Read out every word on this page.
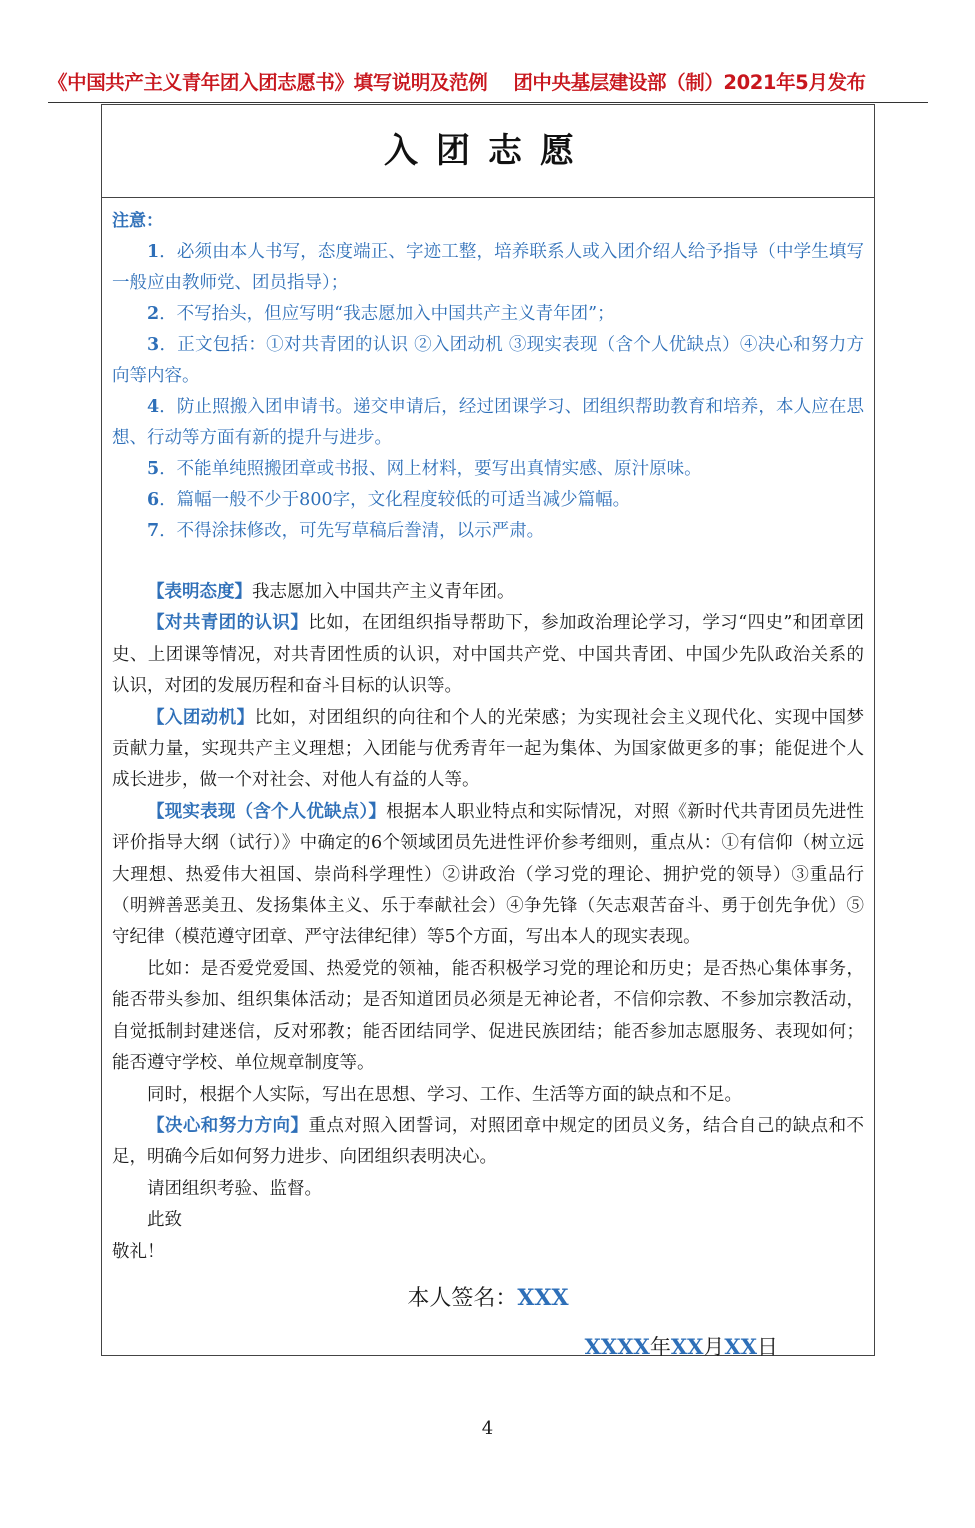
《中国共产主义青年团入团志愿书》填写说明及范例 团中央基层建设部（制）2021年5月发布
入团志愿
注意：

1．必须由本人书写，态度端正、字迹工整，培养联系人或入团介绍人给予指导（中学生填写一般应由教师党、团员指导）；

2．不写抬头，但应写明“我志愿加入中国共产主义青年团”；

3．正文包括：①对共青团的认识 ②入团动机 ③现实表现（含个人优缺点）④决心和努力方向等内容。

4．防止照搬入团申请书。递交申请后，经过团课学习、团组织帮助教育和培养，本人应在思想、行动等方面有新的提升与进步。

5．不能单纯照搬团章或书报、网上材料，要写出真情实感、原汁原味。

6．篇幅一般不少于800字，文化程度较低的可适当减少篇幅。

7．不得涂抹修改，可先写草稿后誊清，以示严肃。

【表明态度】我志愿加入中国共产主义青年团。

【对共青团的认识】比如，在团组织指导帮助下，参加政治理论学习，学习“四史”和团章团史、上团课等情况，对共青团性质的认识，对中国共产党、中国共青团、中国少先队政治关系的认识，对团的发展历程和奋斗目标的认识等。

【入团动机】比如，对团组织的向往和个人的光荣感；为实现社会主义现代化、实现中国梦贡献力量，实现共产主义理想；入团能与优秀青年一起为集体、为国家做更多的事；能促进个人成长进步，做一个对社会、对他人有益的人等。

【现实表现（含个人优缺点）】根据本人职业特点和实际情况，对照《新时代共青团员先进性评价指导大纲（试行）》中确定的6个领域团员先进性评价参考细则，重点从：①有信仰（树立远大理想、热爱伟大祖国、崇尚科学理性）②讲政治（学习党的理论、拥护党的领导）③重品行（明辨善恶美丑、发扬集体主义、乐于奉献社会）④争先锋（矢志艰苦奋斗、勇于创先争优）⑤守纪律（模范遵守团章、严守法律纪律）等5个方面，写出本人的现实表现。

比如：是否爱党爱国、热爱党的领袖，能否积极学习党的理论和历史；是否热心集体事务，能否带头参加、组织集体活动；是否知道团员必须是无神论者，不信仰宗教、不参加宗教活动，自觉抵制封建迷信，反对邪教；能否团结同学、促进民族团结；能否参加志愿服务、表现如何；能否遵守学校、单位规章制度等。

同时，根据个人实际，写出在思想、学习、工作、生活等方面的缺点和不足。

【决心和努力方向】重点对照入团誓词，对照团章中规定的团员义务，结合自己的缺点和不足，明确今后如何努力进步、向团组织表明决心。

请团组织考验、监督。

此致

敬礼！

本人签名：XXX
XXXX年XX月XX日
4
